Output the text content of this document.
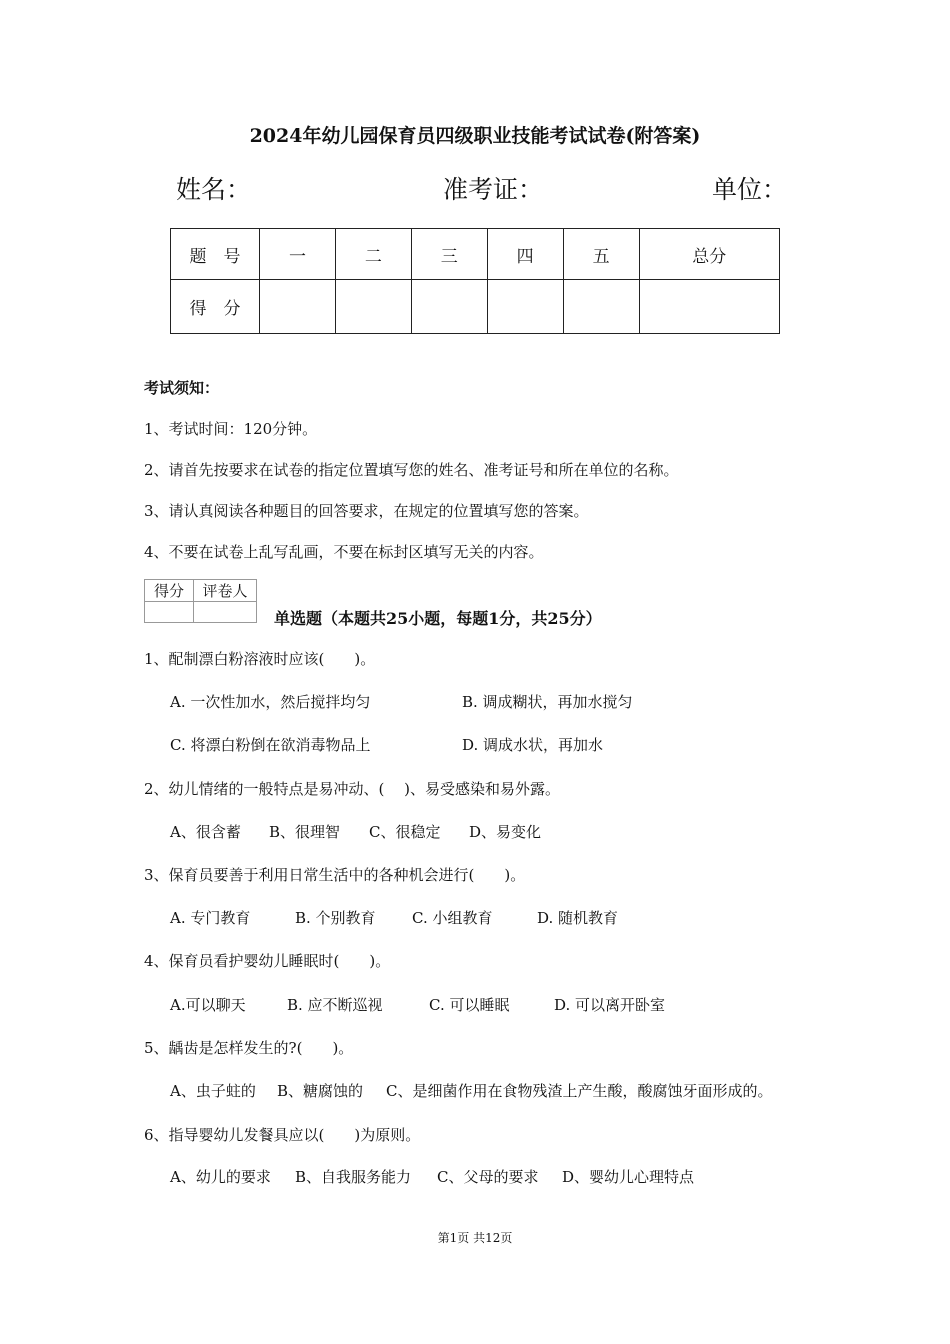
2024年幼儿园保育员四级职业技能考试试卷(附答案)
姓名：	准考证：	单位：
题　号	一	二	三	四	五	总分
得　分						
考试须知：
1、考试时间：120分钟。
2、请首先按要求在试卷的指定位置填写您的姓名、准考证号和所在单位的名称。
3、请认真阅读各种题目的回答要求，在规定的位置填写您的答案。
4、不要在试卷上乱写乱画，不要在标封区填写无关的内容。
得分	评卷人

单选题（本题共25小题，每题1分，共25分）
1、配制漂白粉溶液时应该(　　)。
A. 一次性加水，然后搅拌均匀	B. 调成糊状，再加水搅匀
C. 将漂白粉倒在欲消毒物品上	D. 调成水状，再加水
2、幼儿情绪的一般特点是易冲动、(　 )、易受感染和易外露。
A、很含蓄 B、很理智 C、很稳定 D、易变化
3、保育员要善于利用日常生活中的各种机会进行(　　)。
A. 专门教育	B. 个别教育 C. 小组教育	D. 随机教育
4、保育员看护婴幼儿睡眠时(　　)。
A.可以聊天	B. 应不断巡视	C. 可以睡眠	D. 可以离开卧室
5、龋齿是怎样发生的?(　　)。
A、虫子蛀的 B、糖腐蚀的 C、是细菌作用在食物残渣上产生酸，酸腐蚀牙面形成的。
6、指导婴幼儿发餐具应以(　　)为原则。
A、幼儿的要求 B、自我服务能力 C、父母的要求 D、婴幼儿心理特点
第1页 共12页
